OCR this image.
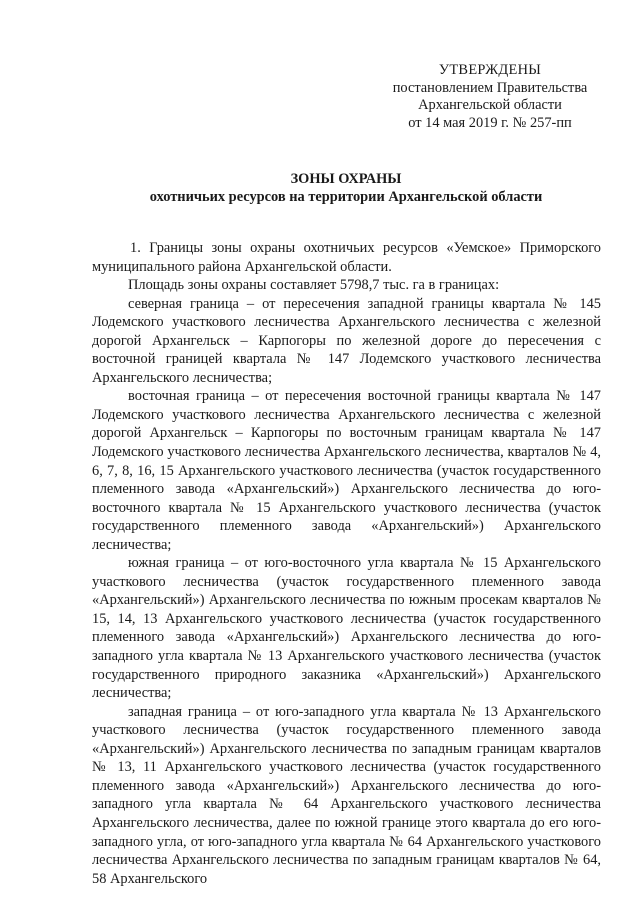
УТВЕРЖДЕНЫ
постановлением Правительства
Архангельской области
от 14 мая 2019 г. № 257-пп
ЗОНЫ ОХРАНЫ
охотничьих ресурсов на территории Архангельской области

1. Границы зоны охраны охотничьих ресурсов «Уемское» Приморского муниципального района Архангельской области.

Площадь зоны охраны составляет 5798,7 тыс. га в границах:

северная граница – от пересечения западной границы квартала № 145 Лодемского участкового лесничества Архангельского лесничества с железной дорогой Архангельск – Карпогоры по железной дороге до пересечения с восточной границей квартала № 147 Лодемского участкового лесничества Архангельского лесничества;

восточная граница – от пересечения восточной границы квартала № 147 Лодемского участкового лесничества Архангельского лесничества с железной дорогой Архангельск – Карпогоры по восточным границам квартала № 147 Лодемского участкового лесничества Архангельского лесничества, кварталов № 4, 6, 7, 8, 16, 15 Архангельского участкового лесничества (участок государственного племенного завода «Архангельский») Архангельского лесничества до юго-восточного квартала № 15 Архангельского участкового лесничества (участок государственного племенного завода «Архангельский») Архангельского лесничества;

южная граница – от юго-восточного угла квартала № 15 Архангельского участкового лесничества (участок государственного племенного завода «Архангельский») Архангельского лесничества по южным просекам кварталов № 15, 14, 13 Архангельского участкового лесничества (участок государственного племенного завода «Архангельский») Архангельского лесничества до юго-западного угла квартала № 13 Архангельского участкового лесничества (участок государственного природного заказника «Архангельский») Архангельского лесничества;

западная граница – от юго-западного угла квартала № 13 Архангельского участкового лесничества (участок государственного племенного завода «Архангельский») Архангельского лесничества по западным границам кварталов № 13, 11 Архангельского участкового лесничества (участок государственного племенного завода «Архангельский») Архангельского лесничества до юго-западного угла квартала № 64 Архангельского участкового лесничества Архангельского лесничества, далее по южной границе этого квартала до его юго-западного угла, от юго-западного угла квартала № 64 Архангельского участкового лесничества Архангельского лесничества по западным границам кварталов № 64, 58 Архангельского
